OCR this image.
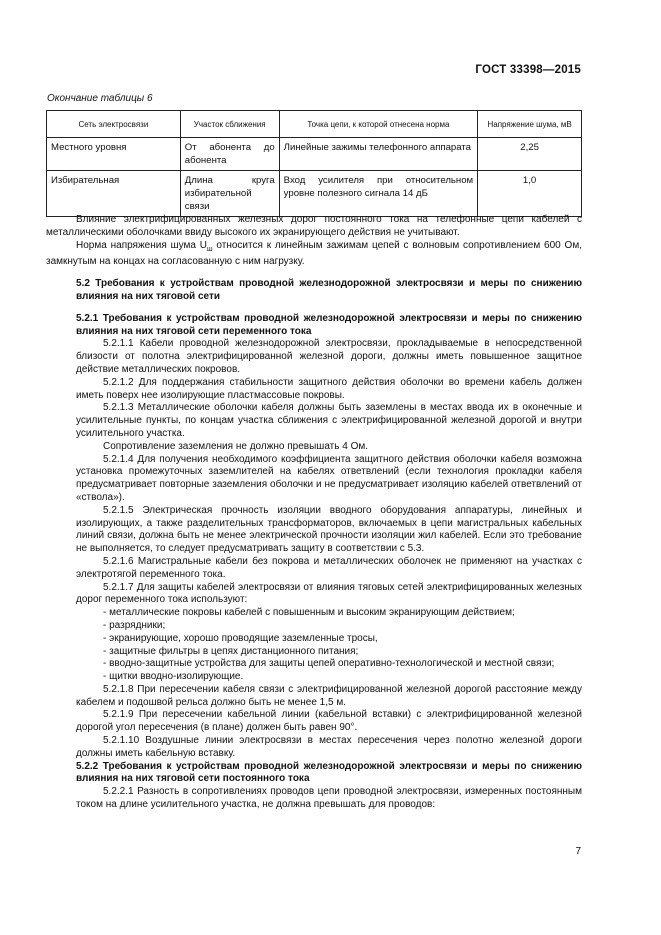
ГОСТ 33398—2015
Окончание таблицы 6
Сеть электросвязи	Участок сближения	Точка цепи, к которой отнесена норма	Напряжение шума, мВ
Местного уровня	От абонента до абонента	Линейные зажимы телефонного аппарата	2,25
Избирательная	Длина круга избирательной связи	Вход усилителя при относительном уровне полезного сигнала 14 дБ	1,0

Влияние электрифицированных железных дорог постоянного тока на телефонные цепи кабелей с металлическими оболочками ввиду высокого их экранирующего действия не учитывают.

Норма напряжения шума $U_ш$ относится к линейным зажимам цепей с волновым сопротивлением 600 Ом, замкнутым на концах на согласованную с ним нагрузку.

5.2 Требования к устройствам проводной железнодорожной электросвязи и меры по снижению влияния на них тяговой сети

5.2.1 Требования к устройствам проводной железнодорожной электросвязи и меры по снижению влияния на них тяговой сети переменного тока

5.2.1.1 Кабели проводной железнодорожной электросвязи, прокладываемые в непосредственной близости от полотна электрифицированной железной дороги, должны иметь повышенное защитное действие металлических покровов.

5.2.1.2 Для поддержания стабильности защитного действия оболочки во времени кабель должен иметь поверх нее изолирующие пластмассовые покровы.

5.2.1.3 Металлические оболочки кабеля должны быть заземлены в местах ввода их в оконечные и усилительные пункты, по концам участка сближения с электрифицированной железной дорогой и внутри усилительного участка.

Сопротивление заземления не должно превышать 4 Ом.

5.2.1.4 Для получения необходимого коэффициента защитного действия оболочки кабеля возможна установка промежуточных заземлителей на кабелях ответвлений (если технология прокладки кабеля предусматривает повторные заземления оболочки и не предусматривает изоляцию кабелей ответвлений от «ствола»).

5.2.1.5 Электрическая прочность изоляции вводного оборудования аппаратуры, линейных и изолирующих, а также разделительных трансформаторов, включаемых в цепи магистральных кабельных линий связи, должна быть не менее электрической прочности изоляции жил кабелей. Если это требование не выполняется, то следует предусматривать защиту в соответствии с 5.3.

5.2.1.6 Магистральные кабели без покрова и металлических оболочек не применяют на участках с электротягой переменного тока.

5.2.1.7 Для защиты кабелей электросвязи от влияния тяговых сетей электрифицированных железных дорог переменного тока используют:

- металлические покровы кабелей с повышенным и высоким экранирующим действием;

- разрядники;

- экранирующие, хорошо проводящие заземленные тросы,

- защитные фильтры в цепях дистанционного питания;

- вводно-защитные устройства для защиты цепей оперативно-технологической и местной связи;

- щитки вводно-изолирующие.

5.2.1.8 При пересечении кабеля связи с электрифицированной железной дорогой расстояние между кабелем и подошвой рельса должно быть не менее 1,5 м.

5.2.1.9 При пересечении кабельной линии (кабельной вставки) с электрифицированной железной дорогой угол пересечения (в плане) должен быть равен 90°.

5.2.1.10 Воздушные линии электросвязи в местах пересечения через полотно железной дороги должны иметь кабельную вставку.

5.2.2 Требования к устройствам проводной железнодорожной электросвязи и меры по снижению влияния на них тяговой сети постоянного тока

5.2.2.1 Разность в сопротивлениях проводов цепи проводной электросвязи, измеренных постоянным током на длине усилительного участка, не должна превышать для проводов:

7
